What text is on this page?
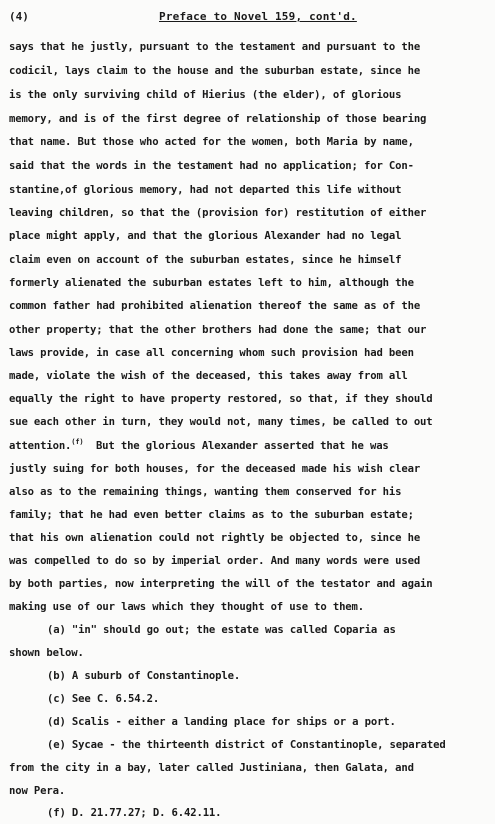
(4)	Preface to Novel 159, cont'd.
says that he justly, pursuant to the testament and pursuant to the
codicil, lays claim to the house and the suburban estate, since he
is the only surviving child of Hierius (the elder), of glorious
memory, and is of the first degree of relationship of those bearing
that name. But those who acted for the women, both Maria by name,
said that the words in the testament had no application; for Con-
stantine,of glorious memory, had not departed this life without
leaving children, so that the (provision for) restitution of either
place might apply, and that the glorious Alexander had no legal
claim even on account of the suburban estates, since he himself
formerly alienated the suburban estates left to him, although the
common father had prohibited alienation thereof the same as of the
other property; that the other brothers had done the same; that our
laws provide, in case all concerning whom such provision had been
made, violate the wish of the deceased, this takes away from all
equally the right to have property restored, so that, if they should
sue each other in turn, they would not, many times, be called to out
attention.$^{(f)}$  But the glorious Alexander asserted that he was
justly suing for both houses, for the deceased made his wish clear
also as to the remaining things, wanting them conserved for his
family; that he had even better claims as to the suburban estate;
that his own alienation could not rightly be objected to, since he
was compelled to do so by imperial order. And many words were used
by both parties, now interpreting the will of the testator and again
making use of our laws which they thought of use to them.
(a) "in" should go out; the estate was called Coparia as
shown below.
(b) A suburb of Constantinople.
(c) See C. 6.54.2.
(d) Scalis - either a landing place for ships or a port.
(e) Sycae - the thirteenth district of Constantinople, separated
from the city in a bay, later called Justiniana, then Galata, and
now Pera.
(f) D. 21.77.27; D. 6.42.11.
